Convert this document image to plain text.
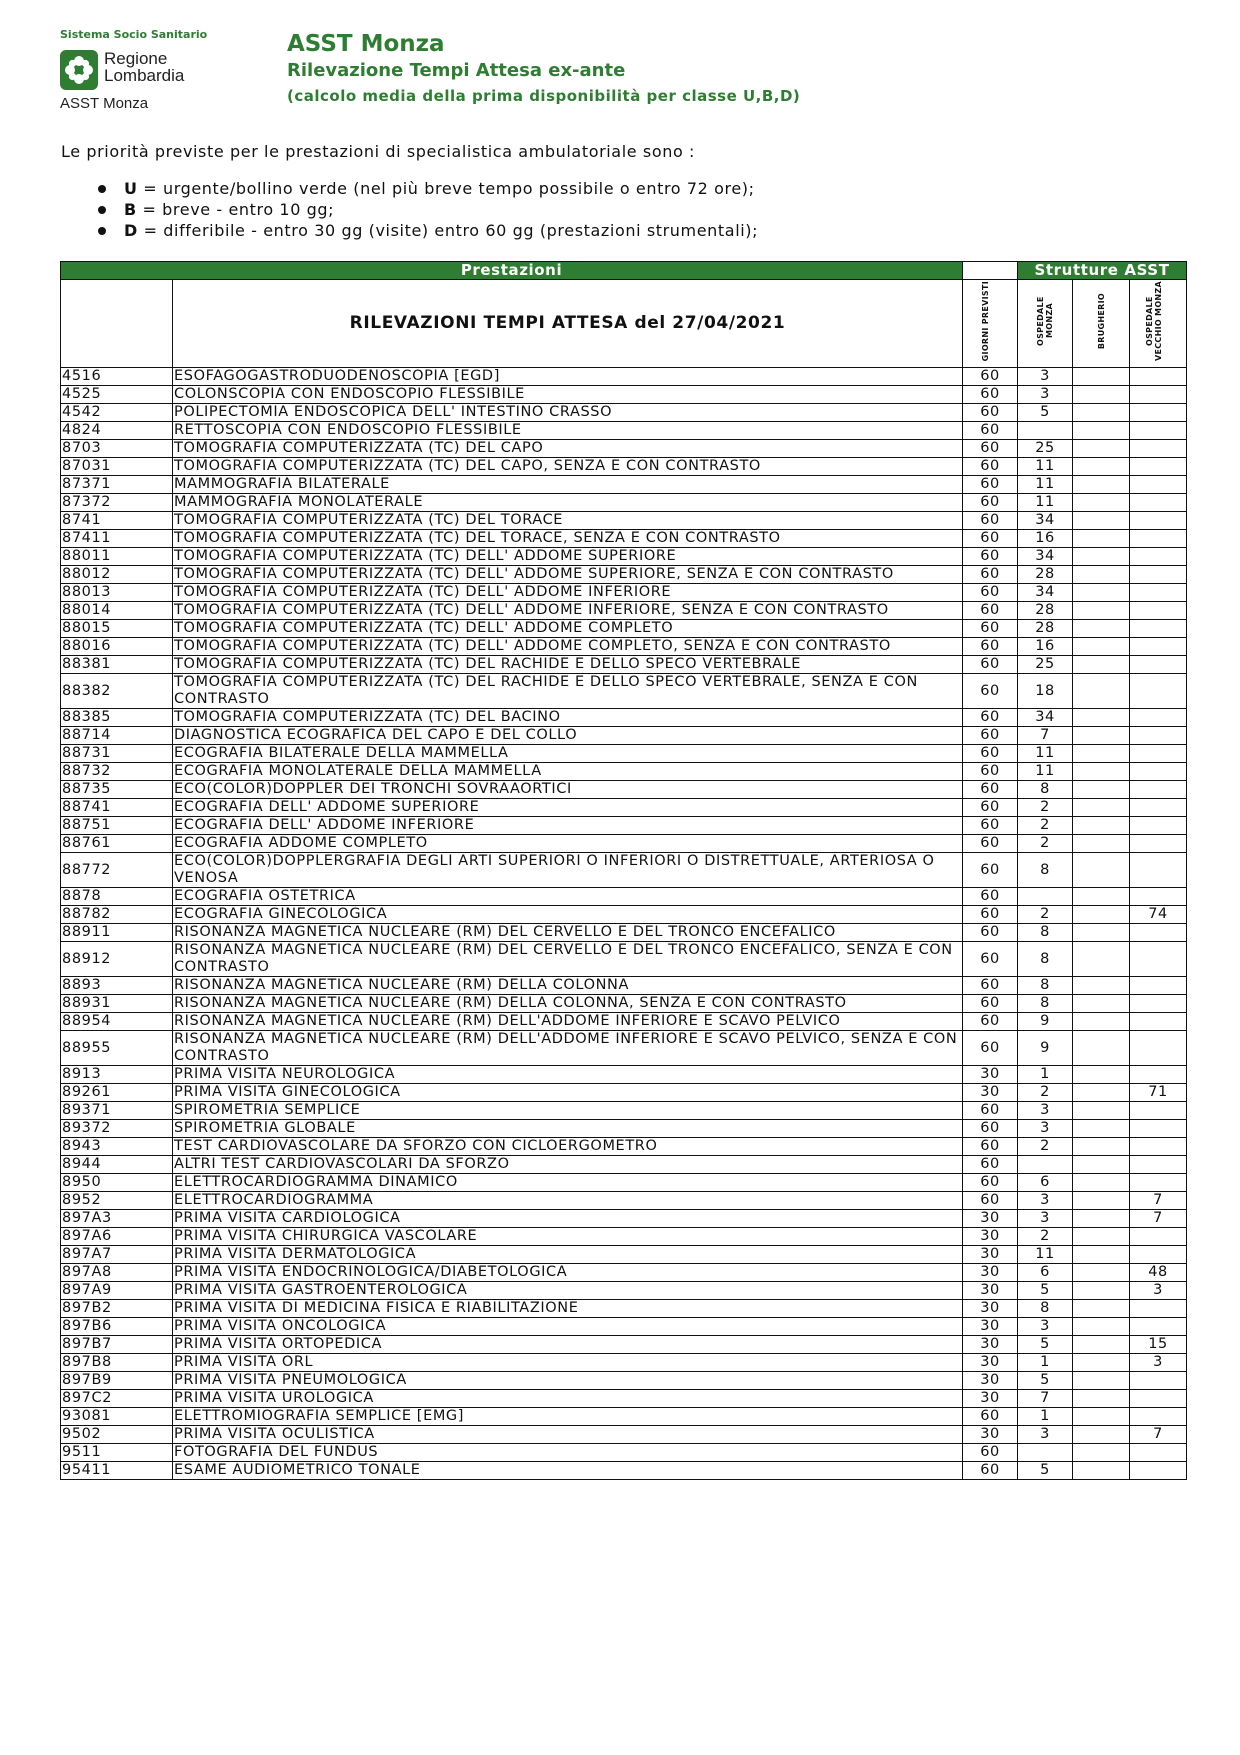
Sistema Socio Sanitario
Regione
Lombardia
ASST Monza
ASST Monza
Rilevazione Tempi Attesa ex-ante
(calcolo media della prima disponibilità per classe U,B,D)
Le priorità previste per le prestazioni di specialistica ambulatoriale sono :
U = urgente/bollino verde (nel più breve tempo possibile o entro 72 ore);
B = breve - entro 10 gg;
D = differibile - entro 30 gg (visite) entro 60 gg (prestazioni strumentali);
Prestazioni			Strutture ASST		
	RILEVAZIONI TEMPI ATTESA del 27/04/2021	GIORNI PREVISTI	OSPEDALE MONZA	BRUGHERIO	OSPEDALE VECCHIO MONZA
4516	ESOFAGOGASTRODUODENOSCOPIA [EGD]	60	3		
4525	COLONSCOPIA CON ENDOSCOPIO FLESSIBILE	60	3		
4542	POLIPECTOMIA ENDOSCOPICA DELL' INTESTINO CRASSO	60	5		
4824	RETTOSCOPIA CON ENDOSCOPIO FLESSIBILE	60			
8703	TOMOGRAFIA COMPUTERIZZATA (TC) DEL CAPO	60	25		
87031	TOMOGRAFIA COMPUTERIZZATA (TC) DEL CAPO, SENZA E CON CONTRASTO	60	11		
87371	MAMMOGRAFIA BILATERALE	60	11		
87372	MAMMOGRAFIA MONOLATERALE	60	11		
8741	TOMOGRAFIA COMPUTERIZZATA (TC) DEL TORACE	60	34		
87411	TOMOGRAFIA COMPUTERIZZATA (TC) DEL TORACE, SENZA E CON CONTRASTO	60	16		
88011	TOMOGRAFIA COMPUTERIZZATA (TC) DELL' ADDOME SUPERIORE	60	34		
88012	TOMOGRAFIA COMPUTERIZZATA (TC) DELL' ADDOME SUPERIORE, SENZA E CON CONTRASTO	60	28		
88013	TOMOGRAFIA COMPUTERIZZATA (TC) DELL' ADDOME INFERIORE	60	34		
88014	TOMOGRAFIA COMPUTERIZZATA (TC) DELL' ADDOME INFERIORE, SENZA E CON CONTRASTO	60	28		
88015	TOMOGRAFIA COMPUTERIZZATA (TC) DELL' ADDOME COMPLETO	60	28		
88016	TOMOGRAFIA COMPUTERIZZATA (TC) DELL' ADDOME COMPLETO, SENZA E CON CONTRASTO	60	16		
88381	TOMOGRAFIA COMPUTERIZZATA (TC) DEL RACHIDE E DELLO SPECO VERTEBRALE	60	25		
88382	TOMOGRAFIA COMPUTERIZZATA (TC) DEL RACHIDE E DELLO SPECO VERTEBRALE, SENZA E CON CONTRASTO	60	18		
88385	TOMOGRAFIA COMPUTERIZZATA (TC) DEL BACINO	60	34		
88714	DIAGNOSTICA ECOGRAFICA DEL CAPO E DEL COLLO	60	7		
88731	ECOGRAFIA BILATERALE DELLA MAMMELLA	60	11		
88732	ECOGRAFIA MONOLATERALE DELLA MAMMELLA	60	11		
88735	ECO(COLOR)DOPPLER DEI TRONCHI SOVRAAORTICI	60	8		
88741	ECOGRAFIA DELL' ADDOME SUPERIORE	60	2		
88751	ECOGRAFIA DELL' ADDOME INFERIORE	60	2		
88761	ECOGRAFIA ADDOME COMPLETO	60	2		
88772	ECO(COLOR)DOPPLERGRAFIA DEGLI ARTI SUPERIORI O INFERIORI O DISTRETTUALE, ARTERIOSA O VENOSA	60	8		
8878	ECOGRAFIA OSTETRICA	60			
88782	ECOGRAFIA GINECOLOGICA	60	2		74
88911	RISONANZA MAGNETICA NUCLEARE (RM) DEL CERVELLO E DEL TRONCO ENCEFALICO	60	8		
88912	RISONANZA MAGNETICA NUCLEARE (RM) DEL CERVELLO E DEL TRONCO ENCEFALICO, SENZA E CON CONTRASTO	60	8		
8893	RISONANZA MAGNETICA NUCLEARE (RM) DELLA COLONNA	60	8		
88931	RISONANZA MAGNETICA NUCLEARE (RM) DELLA COLONNA, SENZA E CON CONTRASTO	60	8		
88954	RISONANZA MAGNETICA NUCLEARE (RM) DELL'ADDOME INFERIORE E SCAVO PELVICO	60	9		
88955	RISONANZA MAGNETICA NUCLEARE (RM) DELL'ADDOME INFERIORE E SCAVO PELVICO, SENZA E CON CONTRASTO	60	9		
8913	PRIMA VISITA NEUROLOGICA	30	1		
89261	PRIMA VISITA GINECOLOGICA	30	2		71
89371	SPIROMETRIA SEMPLICE	60	3		
89372	SPIROMETRIA GLOBALE	60	3		
8943	TEST CARDIOVASCOLARE DA SFORZO CON CICLOERGOMETRO	60	2		
8944	ALTRI TEST CARDIOVASCOLARI DA SFORZO	60			
8950	ELETTROCARDIOGRAMMA DINAMICO	60	6		
8952	ELETTROCARDIOGRAMMA	60	3		7
897A3	PRIMA VISITA CARDIOLOGICA	30	3		7
897A6	PRIMA VISITA CHIRURGICA VASCOLARE	30	2		
897A7	PRIMA VISITA DERMATOLOGICA	30	11		
897A8	PRIMA VISITA ENDOCRINOLOGICA/DIABETOLOGICA	30	6		48
897A9	PRIMA VISITA GASTROENTEROLOGICA	30	5		3
897B2	PRIMA VISITA DI MEDICINA FISICA E RIABILITAZIONE	30	8		
897B6	PRIMA VISITA ONCOLOGICA	30	3		
897B7	PRIMA VISITA ORTOPEDICA	30	5		15
897B8	PRIMA VISITA ORL	30	1		3
897B9	PRIMA VISITA PNEUMOLOGICA	30	5		
897C2	PRIMA VISITA UROLOGICA	30	7		
93081	ELETTROMIOGRAFIA SEMPLICE [EMG]	60	1		
9502	PRIMA VISITA OCULISTICA	30	3		7
9511	FOTOGRAFIA DEL FUNDUS	60			
95411	ESAME AUDIOMETRICO TONALE	60	5		
